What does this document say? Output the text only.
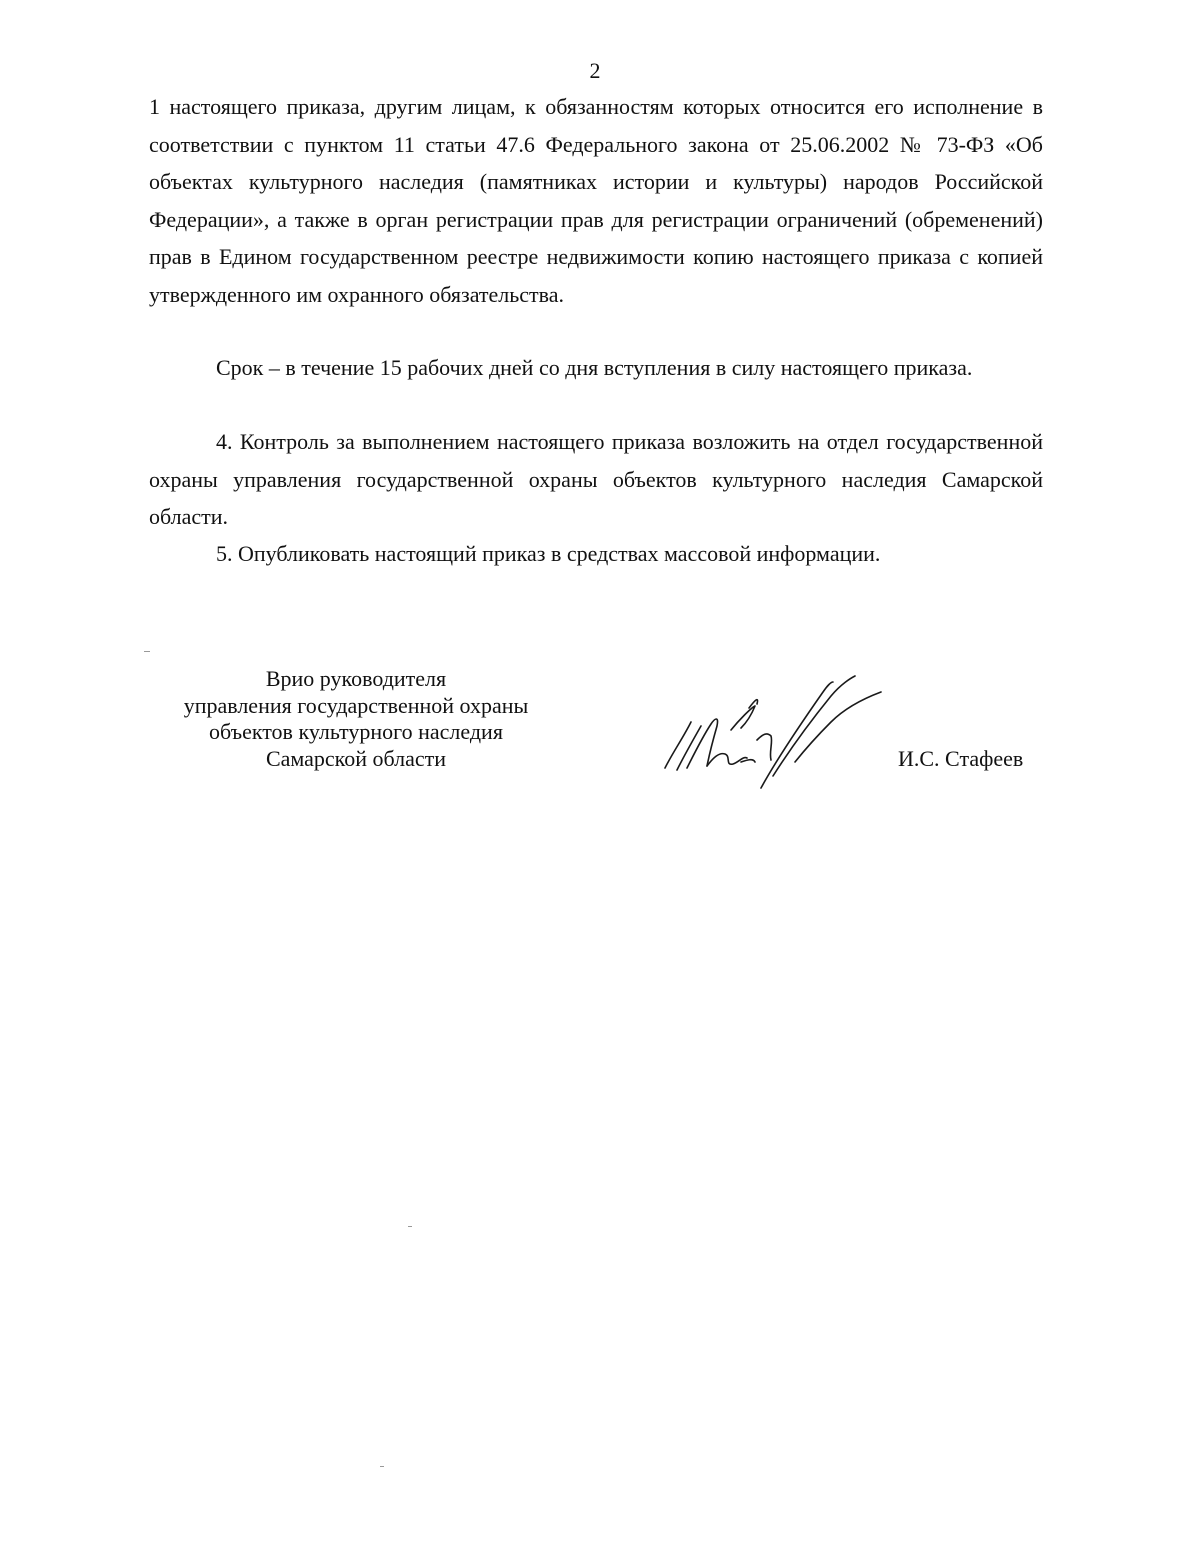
2

1 настоящего приказа, другим лицам, к обязанностям которых относится его исполнение в соответствии с пунктом 11 статьи 47.6 Федерального закона от 25.06.2002 № 73-ФЗ «Об объектах культурного наследия (памятниках истории и культуры) народов Российской Федерации», а также в орган регистрации прав для регистрации ограничений (обременений) прав в Едином государственном реестре недвижимости копию настоящего приказа с копией утвержденного им охранного обязательства.

Срок – в течение 15 рабочих дней со дня вступления в силу настоящего приказа.

4. Контроль за выполнением настоящего приказа возложить на отдел государственной охраны управления государственной охраны объектов культурного наследия Самарской области.

5. Опубликовать настоящий приказ в средствах массовой информации.

Врио руководителя
управления государственной охраны
объектов культурного наследия
Самарской области	И.С. Стафеев
